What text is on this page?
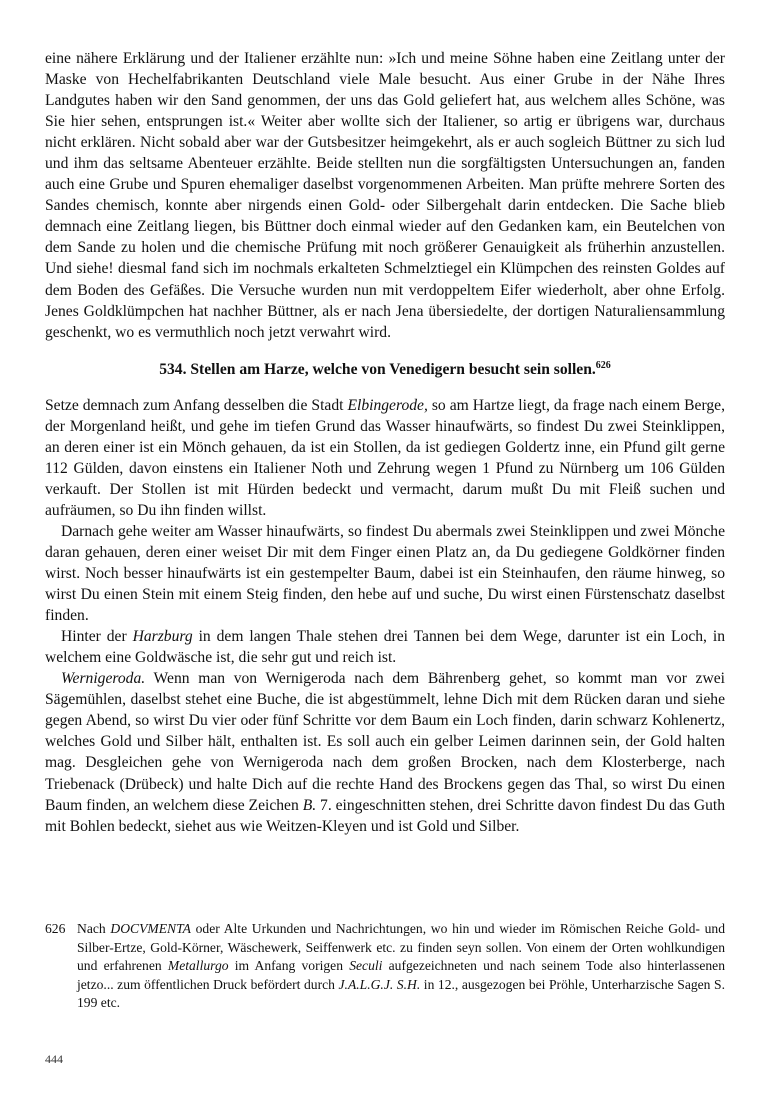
eine nähere Erklärung und der Italiener erzählte nun: »Ich und meine Söhne haben eine Zeitlang unter der Maske von Hechelfabrikanten Deutschland viele Male besucht. Aus einer Grube in der Nähe Ihres Landgutes haben wir den Sand genommen, der uns das Gold geliefert hat, aus welchem alles Schöne, was Sie hier sehen, entsprungen ist.« Weiter aber wollte sich der Italiener, so artig er übrigens war, durchaus nicht erklären. Nicht sobald aber war der Gutsbesitzer heimgekehrt, als er auch sogleich Büttner zu sich lud und ihm das seltsame Abenteuer erzählte. Beide stellten nun die sorgfältigsten Untersuchungen an, fanden auch eine Grube und Spuren ehemaliger daselbst vorgenommenen Arbeiten. Man prüfte mehrere Sorten des Sandes chemisch, konnte aber nirgends einen Gold- oder Silbergehalt darin entdecken. Die Sache blieb demnach eine Zeitlang liegen, bis Büttner doch einmal wieder auf den Gedanken kam, ein Beutelchen von dem Sande zu holen und die chemische Prüfung mit noch größerer Genauigkeit als früherhin anzustellen. Und siehe! diesmal fand sich im nochmals erkalteten Schmelztiegel ein Klümpchen des reinsten Goldes auf dem Boden des Gefäßes. Die Versuche wurden nun mit verdoppeltem Eifer wiederholt, aber ohne Erfolg. Jenes Goldklümpchen hat nachher Büttner, als er nach Jena übersiedelte, der dortigen Naturaliensammlung geschenkt, wo es vermuthlich noch jetzt verwahrt wird.

534. Stellen am Harze, welche von Venedigern besucht sein sollen.$^{626}$

Setze demnach zum Anfang desselben die Stadt Elbingerode, so am Hartze liegt, da frage nach einem Berge, der Morgenland heißt, und gehe im tiefen Grund das Wasser hinaufwärts, so findest Du zwei Steinklippen, an deren einer ist ein Mönch gehauen, da ist ein Stollen, da ist gediegen Goldertz inne, ein Pfund gilt gerne 112 Gülden, davon einstens ein Italiener Noth und Zehrung wegen 1 Pfund zu Nürnberg um 106 Gülden verkauft. Der Stollen ist mit Hürden bedeckt und vermacht, darum mußt Du mit Fleiß suchen und aufräumen, so Du ihn finden willst.

Darnach gehe weiter am Wasser hinaufwärts, so findest Du abermals zwei Steinklippen und zwei Mönche daran gehauen, deren einer weiset Dir mit dem Finger einen Platz an, da Du gediegene Goldkörner finden wirst. Noch besser hinaufwärts ist ein gestempelter Baum, dabei ist ein Steinhaufen, den räume hinweg, so wirst Du einen Stein mit einem Steig finden, den hebe auf und suche, Du wirst einen Fürstenschatz daselbst finden.

Hinter der Harzburg in dem langen Thale stehen drei Tannen bei dem Wege, darunter ist ein Loch, in welchem eine Goldwäsche ist, die sehr gut und reich ist.

Wernigeroda. Wenn man von Wernigeroda nach dem Bährenberg gehet, so kommt man vor zwei Sägemühlen, daselbst stehet eine Buche, die ist abgestümmelt, lehne Dich mit dem Rücken daran und siehe gegen Abend, so wirst Du vier oder fünf Schritte vor dem Baum ein Loch finden, darin schwarz Kohlenertz, welches Gold und Silber hält, enthalten ist. Es soll auch ein gelber Leimen darinnen sein, der Gold halten mag. Desgleichen gehe von Wernigeroda nach dem großen Brocken, nach dem Klosterberge, nach Triebenack (Drübeck) und halte Dich auf die rechte Hand des Brockens gegen das Thal, so wirst Du einen Baum finden, an welchem diese Zeichen B. 7. eingeschnitten stehen, drei Schritte davon findest Du das Guth mit Bohlen bedeckt, siehet aus wie Weitzen-Kleyen und ist Gold und Silber.

626 Nach DOCVMENTA oder Alte Urkunden und Nachrichtungen, wo hin und wieder im Römischen Reiche Gold- und Silber-Ertze, Gold-Körner, Wäschewerk, Seiffenwerk etc. zu finden seyn sollen. Von einem der Orten wohlkundigen und erfahrenen Metallurgo im Anfang vorigen Seculi aufgezeichneten und nach seinem Tode also hinterlassenen jetzo... zum öffentlichen Druck befördert durch J.A.L.G.J. S.H. in 12., ausgezogen bei Pröhle, Unterharzische Sagen S. 199 etc.
444
